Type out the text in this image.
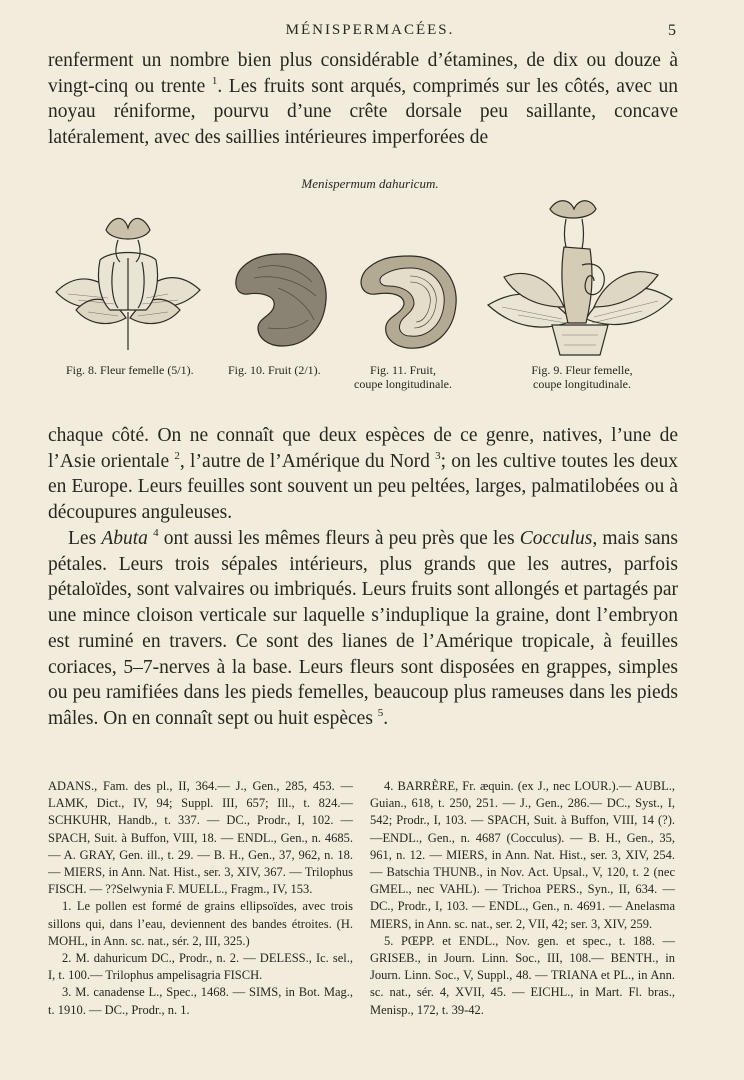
MÉNISPERMACÉES.	5

renferment un nombre bien plus considérable d’étamines, de dix ou douze à vingt-cinq ou trente $^1$. Les fruits sont arqués, comprimés sur les côtés, avec un noyau réniforme, pourvu d’une crête dorsale peu saillante, concave latéralement, avec des saillies intérieures imperforées de

Menispermum dahuricum.
Fig. 8. Fleur femelle (5/1).	Fig. 10. Fruit (2/1).	Fig. 11. Fruit,
coupe longitudinale.
Fig. 9. Fleur femelle,
coupe longitudinale.

chaque côté. On ne connaît que deux espèces de ce genre, natives, l’une de l’Asie orientale $^2$, l’autre de l’Amérique du Nord $^3$; on les cultive toutes les deux en Europe. Leurs feuilles sont souvent un peu peltées, larges, palmatilobées ou à découpures anguleuses.

Les Abuta $^4$ ont aussi les mêmes fleurs à peu près que les Cocculus, mais sans pétales. Leurs trois sépales intérieurs, plus grands que les autres, parfois pétaloïdes, sont valvaires ou imbriqués. Leurs fruits sont allongés et partagés par une mince cloison verticale sur laquelle s’induplique la graine, dont l’embryon est ruminé en travers. Ce sont des lianes de l’Amérique tropicale, à feuilles coriaces, 5–7-nerves à la base. Leurs fleurs sont disposées en grappes, simples ou peu ramifiées dans les pieds femelles, beaucoup plus rameuses dans les pieds mâles. On en connaît sept ou huit espèces $^5$.

ADANS., Fam. des pl., II, 364.— J., Gen., 285, 453. — LAMK, Dict., IV, 94; Suppl. III, 657; Ill., t. 824.— SCHKUHR, Handb., t. 337. — DC., Prodr., I, 102. — SPACH, Suit. à Buffon, VIII, 18. — ENDL., Gen., n. 4685. — A. GRAY, Gen. ill., t. 29. — B. H., Gen., 37, 962, n. 18. — MIERS, in Ann. Nat. Hist., ser. 3, XIV, 367. — Trilophus FISCH. — ??Selwynia F. MUELL., Fragm., IV, 153.

1. Le pollen est formé de grains ellipsoïdes, avec trois sillons qui, dans l’eau, deviennent des bandes étroites. (H. MOHL, in Ann. sc. nat., sér. 2, III, 325.)

2. M. dahuricum DC., Prodr., n. 2. — DELESS., Ic. sel., I, t. 100.— Trilophus ampelisagria FISCH.

3. M. canadense L., Spec., 1468. — SIMS, in Bot. Mag., t. 1910. — DC., Prodr., n. 1.

4. BARRÈRE, Fr. æquin. (ex J., nec LOUR.).— AUBL., Guian., 618, t. 250, 251. — J., Gen., 286.— DC., Syst., I, 542; Prodr., I, 103. — SPACH, Suit. à Buffon, VIII, 14 (?).—ENDL., Gen., n. 4687 (Cocculus). — B. H., Gen., 35, 961, n. 12. — MIERS, in Ann. Nat. Hist., ser. 3, XIV, 254. — Batschia THUNB., in Nov. Act. Upsal., V, 120, t. 2 (nec GMEL., nec VAHL). — Trichoa PERS., Syn., II, 634. — DC., Prodr., I, 103. — ENDL., Gen., n. 4691. — Anelasma MIERS, in Ann. sc. nat., ser. 2, VII, 42; ser. 3, XIV, 259.

5. PŒPP. et ENDL., Nov. gen. et spec., t. 188. — GRISEB., in Journ. Linn. Soc., III, 108.— BENTH., in Journ. Linn. Soc., V, Suppl., 48. — TRIANA et PL., in Ann. sc. nat., sér. 4, XVII, 45. — EICHL., in Mart. Fl. bras., Menisp., 172, t. 39-42.
